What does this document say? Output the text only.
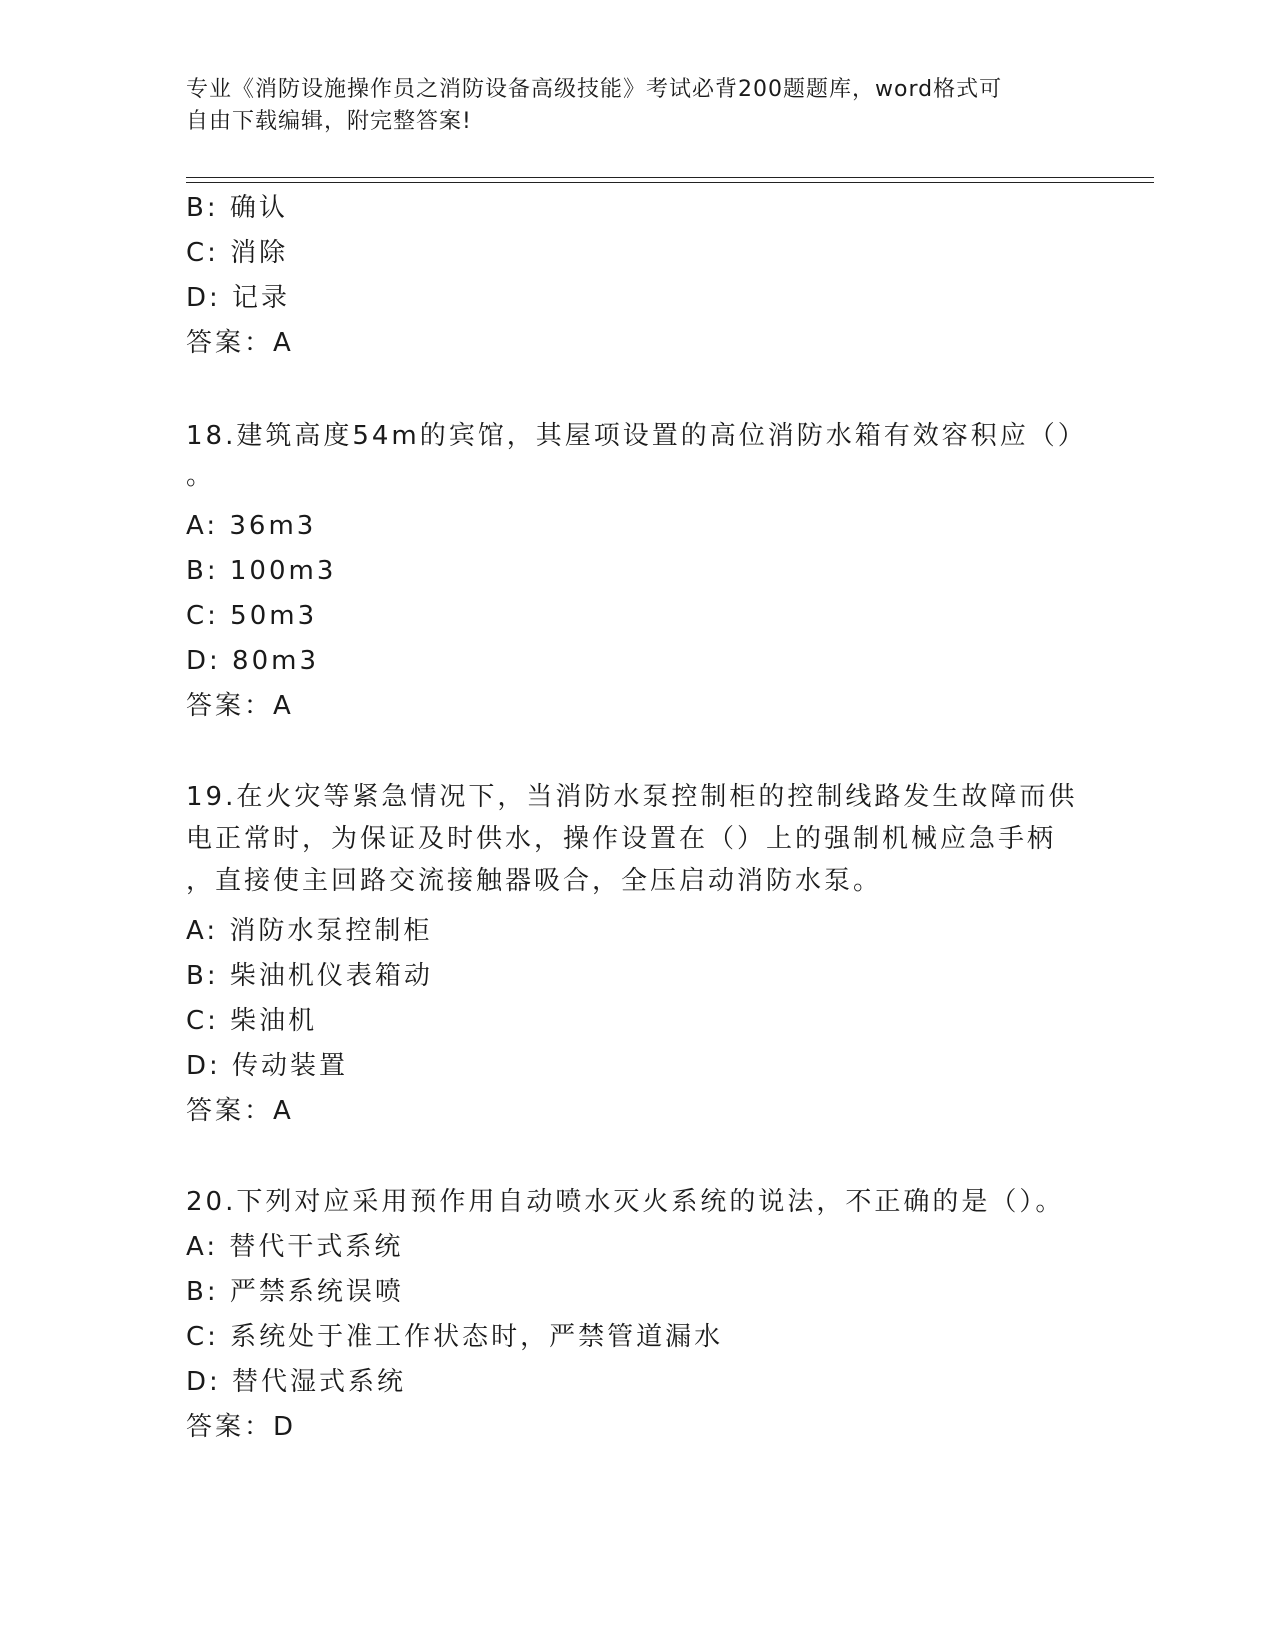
专业《消防设施操作员之消防设备高级技能》考试必背200题题库，word格式可
自由下载编辑，附完整答案!
B: 确认
C: 消除
D: 记录
答案：A
18.建筑高度54m的宾馆，其屋项设置的高位消防水箱有效容积应（）
。
A: 36m3
B: 100m3
C: 50m3
D: 80m3
答案：A
19.在火灾等紧急情况下，当消防水泵控制柜的控制线路发生故障而供
电正常时，为保证及时供水，操作设置在（）上的强制机械应急手柄
，直接使主回路交流接触器吸合，全压启动消防水泵。
A: 消防水泵控制柜
B: 柴油机仪表箱动
C: 柴油机
D: 传动装置
答案：A
20.下列对应采用预作用自动喷水灭火系统的说法，不正确的是（）。
A: 替代干式系统
B: 严禁系统误喷
C: 系统处于准工作状态时，严禁管道漏水
D: 替代湿式系统
答案：D
